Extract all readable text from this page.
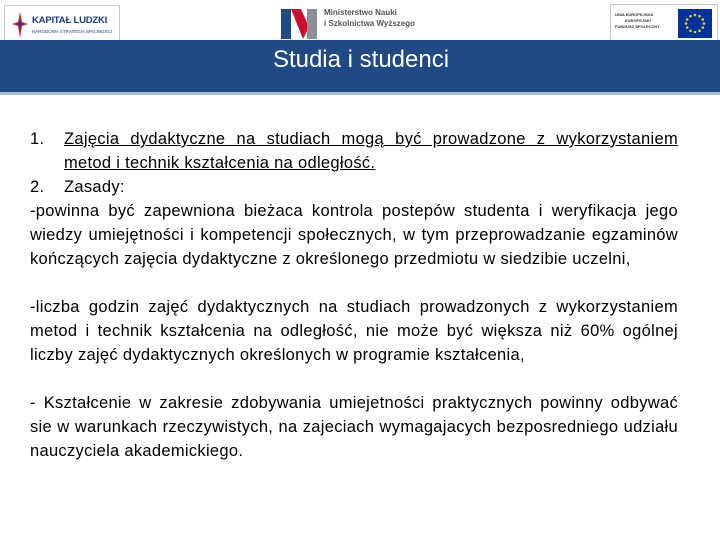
KAPITAŁ LUDZKI
NARODOWA STRATEGIA SPÓJNOŚCI
Ministerstwo Nauki
i Szkolnictwa Wyższego
UNIA EUROPEJSKA
EUROPEJSKI
FUNDUSZ SPOŁECZNY
Studia i studenci
1. Zajęcia dydaktyczne na studiach mogą być prowadzone z wykorzystaniem metod i technik kształcenia na odległość.
2. Zasady:
-powinna być zapewniona bieżaca kontrola postepów studenta i weryfikacja jego wiedzy umiejętności i kompetencji społecznych, w tym przeprowadzanie egzaminów kończących zajęcia dydaktyczne z określonego przedmiotu w siedzibie uczelni,
-liczba godzin zajęć dydaktycznych na studiach prowadzonych z wykorzystaniem metod i technik kształcenia na odległość, nie może być większa niż 60% ogólnej liczby zajęć dydaktycznych określonych w programie kształcenia,
- Kształcenie w zakresie zdobywania umiejetności praktycznych powinny odbywać sie w warunkach rzeczywistych, na zajeciach wymagajacych bezposredniego udziału nauczyciela akademickiego.
